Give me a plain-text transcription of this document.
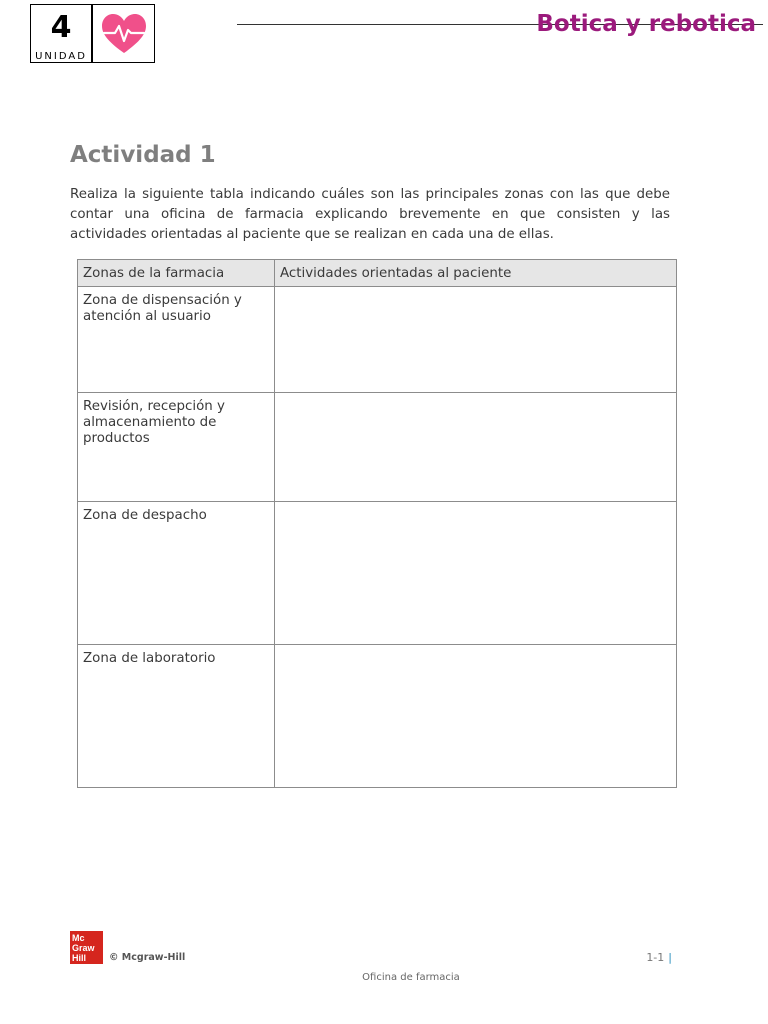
4
UNIDAD
Botica y rebotica
Actividad 1
Realiza la siguiente tabla indicando cuáles son las principales zonas con las que debe contar una oficina de farmacia explicando brevemente en que consisten y las actividades orientadas al paciente que se realizan en cada una de ellas.
Zonas de la farmacia	Actividades orientadas al paciente
Zona de dispensación y atención al usuario	
Revisión, recepción y almacenamiento de productos	
Zona de despacho	
Zona de laboratorio	
Mc
Graw
Hill	© Mcgraw-Hill	1-1 |
Oficina de farmacia
